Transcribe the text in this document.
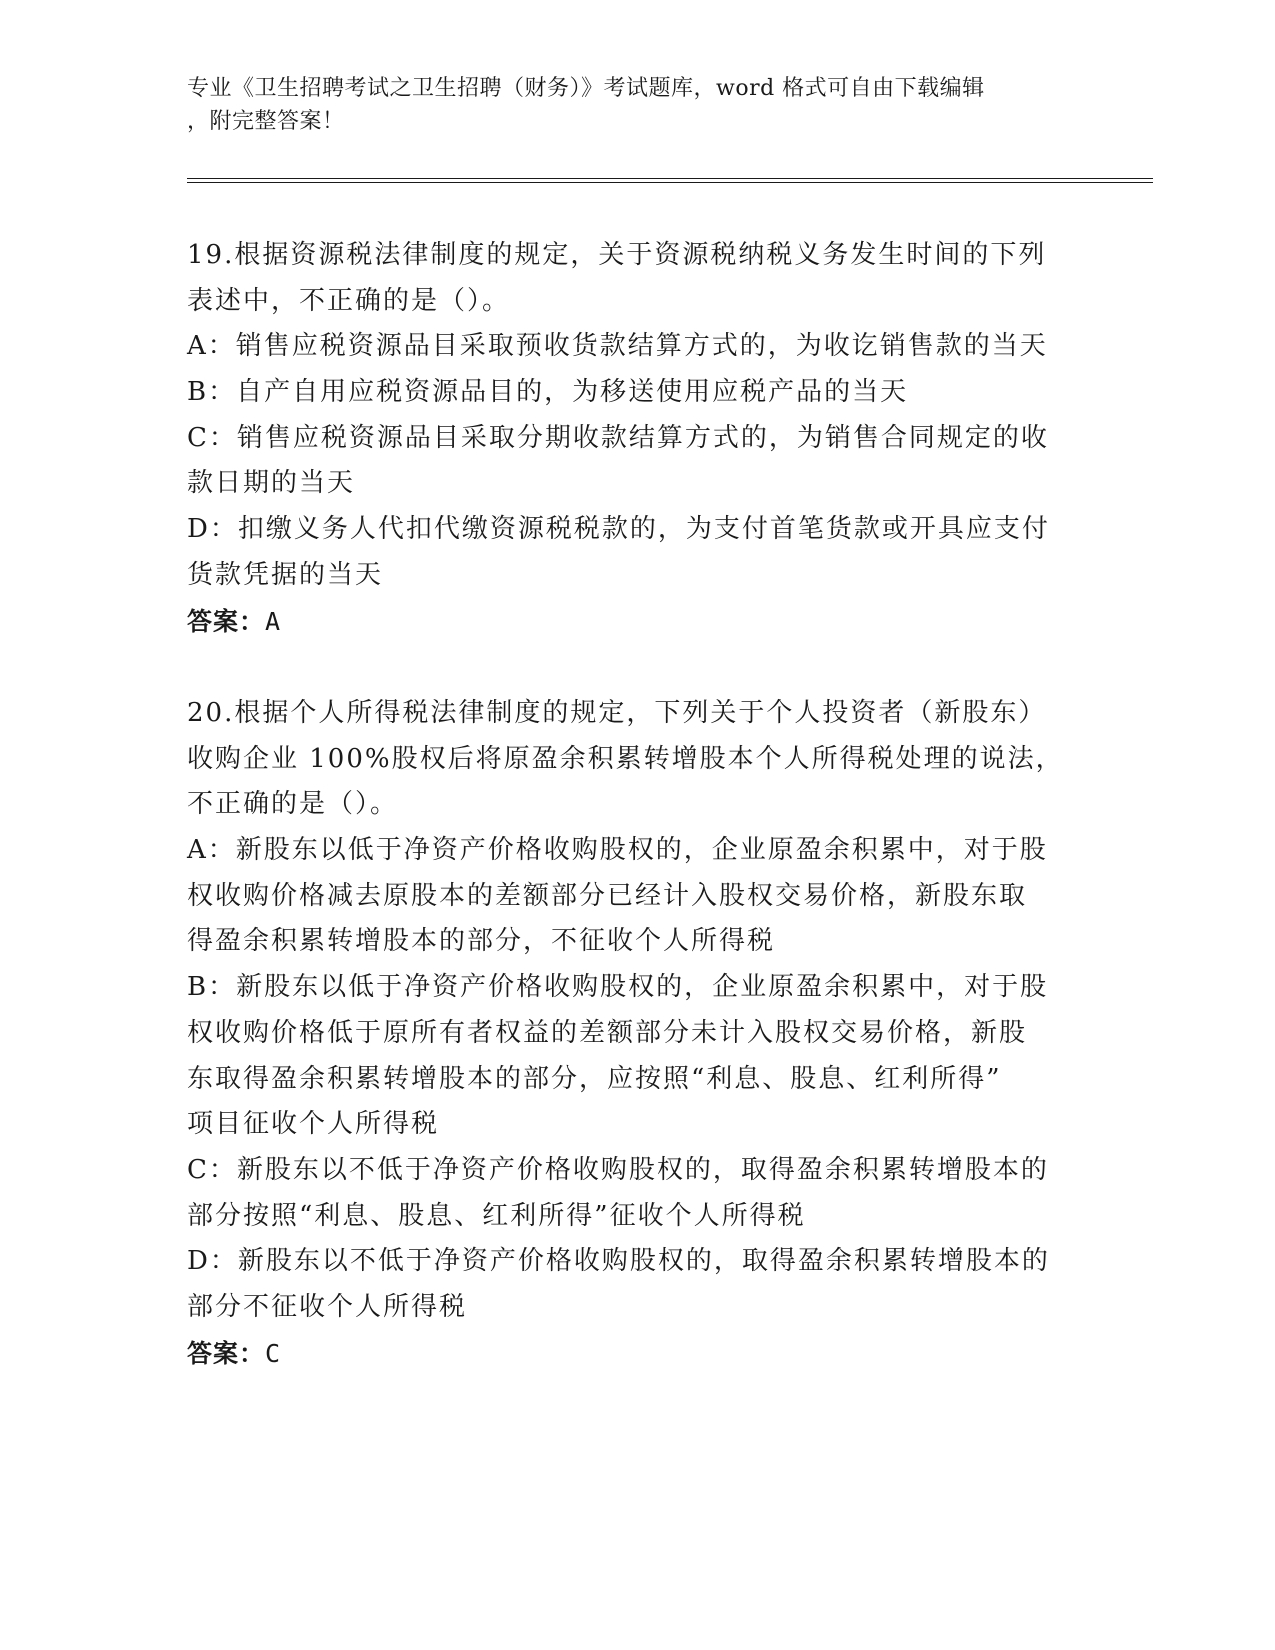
专业《卫生招聘考试之卫生招聘（财务）》考试题库，word 格式可自由下载编辑
，附完整答案！
19.根据资源税法律制度的规定，关于资源税纳税义务发生时间的下列
表述中，不正确的是（）。
A：销售应税资源品目采取预收货款结算方式的，为收讫销售款的当天
B：自产自用应税资源品目的，为移送使用应税产品的当天
C：销售应税资源品目采取分期收款结算方式的，为销售合同规定的收
款日期的当天
D：扣缴义务人代扣代缴资源税税款的，为支付首笔货款或开具应支付
货款凭据的当天
答案：A
20.根据个人所得税法律制度的规定，下列关于个人投资者（新股东）
收购企业 100%股权后将原盈余积累转增股本个人所得税处理的说法，
不正确的是（）。
A：新股东以低于净资产价格收购股权的，企业原盈余积累中，对于股
权收购价格减去原股本的差额部分已经计入股权交易价格，新股东取
得盈余积累转增股本的部分，不征收个人所得税
B：新股东以低于净资产价格收购股权的，企业原盈余积累中，对于股
权收购价格低于原所有者权益的差额部分未计入股权交易价格，新股
东取得盈余积累转增股本的部分，应按照“利息、股息、红利所得”
项目征收个人所得税
C：新股东以不低于净资产价格收购股权的，取得盈余积累转增股本的
部分按照“利息、股息、红利所得”征收个人所得税
D：新股东以不低于净资产价格收购股权的，取得盈余积累转增股本的
部分不征收个人所得税
答案：C
